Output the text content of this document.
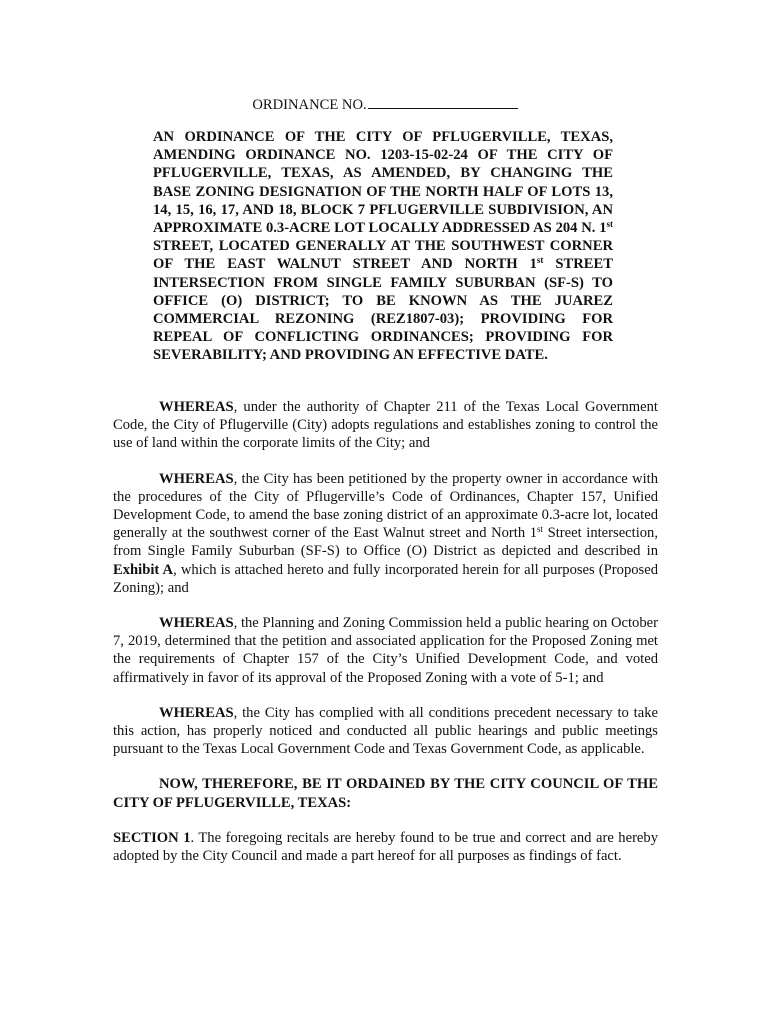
ORDINANCE NO.
AN ORDINANCE OF THE CITY OF PFLUGERVILLE, TEXAS, AMENDING ORDINANCE NO. 1203-15-02-24 OF THE CITY OF PFLUGERVILLE, TEXAS, AS AMENDED, BY CHANGING THE BASE ZONING DESIGNATION OF THE NORTH HALF OF LOTS 13, 14, 15, 16, 17, AND 18, BLOCK 7 PFLUGERVILLE SUBDIVISION, AN APPROXIMATE 0.3-ACRE LOT LOCALLY ADDRESSED AS 204 N. 1st STREET, LOCATED GENERALLY AT THE SOUTHWEST CORNER OF THE EAST WALNUT STREET AND NORTH 1st STREET INTERSECTION FROM SINGLE FAMILY SUBURBAN (SF-S) TO OFFICE (O) DISTRICT; TO BE KNOWN AS THE JUAREZ COMMERCIAL REZONING (REZ1807-03); PROVIDING FOR REPEAL OF CONFLICTING ORDINANCES; PROVIDING FOR SEVERABILITY; AND PROVIDING AN EFFECTIVE DATE.

WHEREAS, under the authority of Chapter 211 of the Texas Local Government Code, the City of Pflugerville (City) adopts regulations and establishes zoning to control the use of land within the corporate limits of the City; and

WHEREAS, the City has been petitioned by the property owner in accordance with the procedures of the City of Pflugerville’s Code of Ordinances, Chapter 157, Unified Development Code, to amend the base zoning district of an approximate 0.3-acre lot, located generally at the southwest corner of the East Walnut street and North 1st Street intersection, from Single Family Suburban (SF-S) to Office (O) District as depicted and described in Exhibit A, which is attached hereto and fully incorporated herein for all purposes (Proposed Zoning); and

WHEREAS, the Planning and Zoning Commission held a public hearing on October 7, 2019, determined that the petition and associated application for the Proposed Zoning met the requirements of Chapter 157 of the City’s Unified Development Code, and voted affirmatively in favor of its approval of the Proposed Zoning with a vote of 5-1; and

WHEREAS, the City has complied with all conditions precedent necessary to take this action, has properly noticed and conducted all public hearings and public meetings pursuant to the Texas Local Government Code and Texas Government Code, as applicable.

NOW, THEREFORE, BE IT ORDAINED BY THE CITY COUNCIL OF THE CITY OF PFLUGERVILLE, TEXAS:

SECTION 1. The foregoing recitals are hereby found to be true and correct and are hereby adopted by the City Council and made a part hereof for all purposes as findings of fact.
